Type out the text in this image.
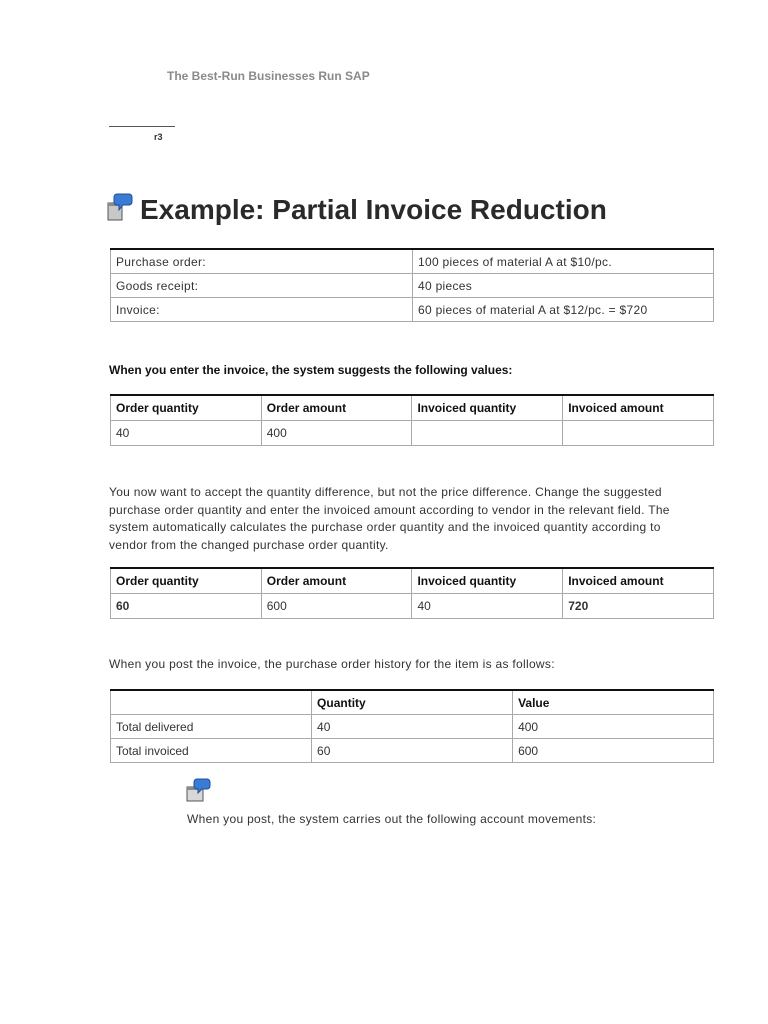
The Best-Run Businesses Run SAP
r3
Example: Partial Invoice Reduction
Purchase order:	100 pieces of material A at $10/pc.
Goods receipt:	40 pieces
Invoice:	60 pieces of material A at $12/pc. = $720
When you enter the invoice, the system suggests the following values:
Order quantity	Order amount	Invoiced quantity	Invoiced amount
40	400		

You now want to accept the quantity difference, but not the price difference. Change the suggested purchase order quantity and enter the invoiced amount according to vendor in the relevant field. The system automatically calculates the purchase order quantity and the invoiced quantity according to vendor from the changed purchase order quantity.

Order quantity	Order amount	Invoiced quantity	Invoiced amount
60	600	40	720
When you post the invoice, the purchase order history for the item is as follows:
	Quantity	Value
Total delivered	40	400
Total invoiced	60	600
When you post, the system carries out the following account movements:
